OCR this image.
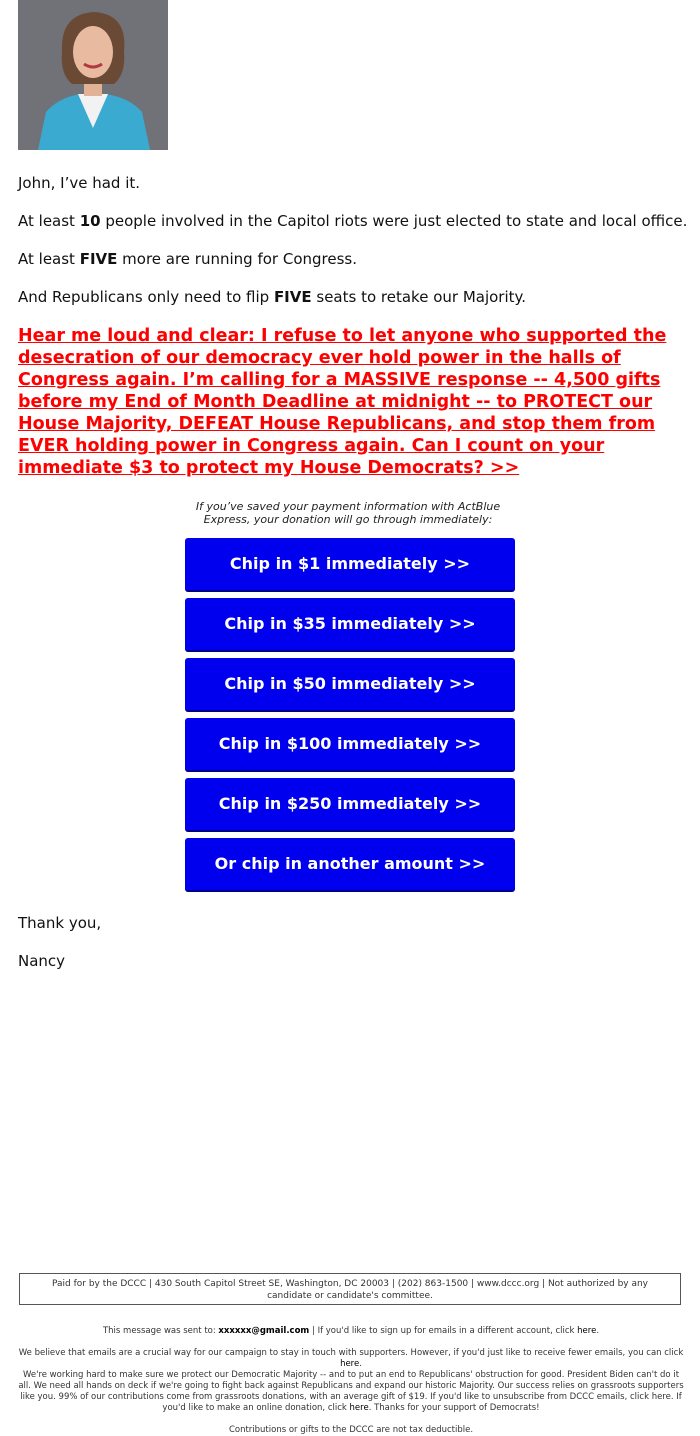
John, I’ve had it.

At least 10 people involved in the Capitol riots were just elected to state and local office.

At least FIVE more are running for Congress.

And Republicans only need to flip FIVE seats to retake our Majority.

Hear me loud and clear: I refuse to let anyone who supported the desecration of our democracy ever hold power in the halls of Congress again. I’m calling for a MASSIVE response -- 4,500 gifts before my End of Month Deadline at midnight -- to PROTECT our House Majority, DEFEAT House Republicans, and stop them from EVER holding power in Congress again. Can I count on your immediate $3 to protect my House Democrats? >>

If you’ve saved your payment information with ActBlue Express, your donation will go through immediately:
Chip in $1 immediately >>
Chip in $35 immediately >>
Chip in $50 immediately >>
Chip in $100 immediately >>
Chip in $250 immediately >>
Or chip in another amount >>

Thank you,

Nancy

Paid for by the DCCC | 430 South Capitol Street SE, Washington, DC 20003 | (202) 863-1500 | www.dccc.org | Not authorized by any candidate or candidate's committee.

This message was sent to: xxxxxx@gmail.com | If you'd like to sign up for emails in a different account, click here.

We believe that emails are a crucial way for our campaign to stay in touch with supporters. However, if you'd just like to receive fewer emails, you can click here.

We're working hard to make sure we protect our Democratic Majority -- and to put an end to Republicans' obstruction for good. President Biden can't do it all. We need all hands on deck if we're going to fight back against Republicans and expand our historic Majority. Our success relies on grassroots supporters like you. 99% of our contributions come from grassroots donations, with an average gift of $19. If you'd like to unsubscribe from DCCC emails, click here. If you'd like to make an online donation, click here. Thanks for your support of Democrats!

Contributions or gifts to the DCCC are not tax deductible.
